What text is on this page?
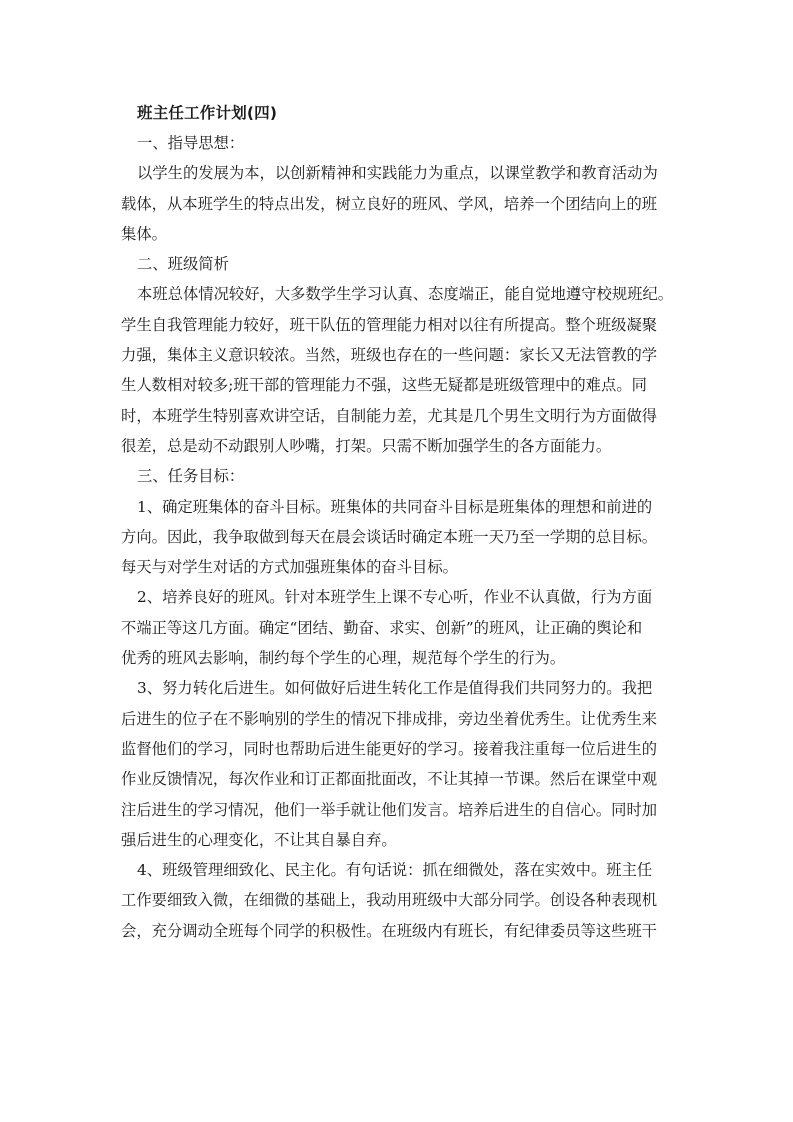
班主任工作计划(四)
一、指导思想：
以学生的发展为本，以创新精神和实践能力为重点，以课堂教学和教育活动为
载体，从本班学生的特点出发，树立良好的班风、学风，培养一个团结向上的班
集体。
二、班级简析
本班总体情况较好，大多数学生学习认真、态度端正，能自觉地遵守校规班纪。
学生自我管理能力较好，班干队伍的管理能力相对以往有所提高。整个班级凝聚
力强，集体主义意识较浓。当然，班级也存在的一些问题：家长又无法管教的学
生人数相对较多;班干部的管理能力不强，这些无疑都是班级管理中的难点。同
时，本班学生特别喜欢讲空话，自制能力差，尤其是几个男生文明行为方面做得
很差，总是动不动跟别人吵嘴，打架。只需不断加强学生的各方面能力。
三、任务目标：
1、确定班集体的奋斗目标。班集体的共同奋斗目标是班集体的理想和前进的
方向。因此，我争取做到每天在晨会谈话时确定本班一天乃至一学期的总目标。
每天与对学生对话的方式加强班集体的奋斗目标。
2、培养良好的班风。针对本班学生上课不专心听，作业不认真做，行为方面
不端正等这几方面。确定“团结、勤奋、求实、创新”的班风，让正确的舆论和
优秀的班风去影响，制约每个学生的心理，规范每个学生的行为。
3、努力转化后进生。如何做好后进生转化工作是值得我们共同努力的。我把
后进生的位子在不影响别的学生的情况下排成排，旁边坐着优秀生。让优秀生来
监督他们的学习，同时也帮助后进生能更好的学习。接着我注重每一位后进生的
作业反馈情况，每次作业和订正都面批面改，不让其掉一节课。然后在课堂中观
注后进生的学习情况，他们一举手就让他们发言。培养后进生的自信心。同时加
强后进生的心理变化，不让其自暴自弃。
4、班级管理细致化、民主化。有句话说：抓在细微处，落在实效中。班主任
工作要细致入微，在细微的基础上，我动用班级中大部分同学。创设各种表现机
会，充分调动全班每个同学的积极性。在班级内有班长，有纪律委员等这些班干
